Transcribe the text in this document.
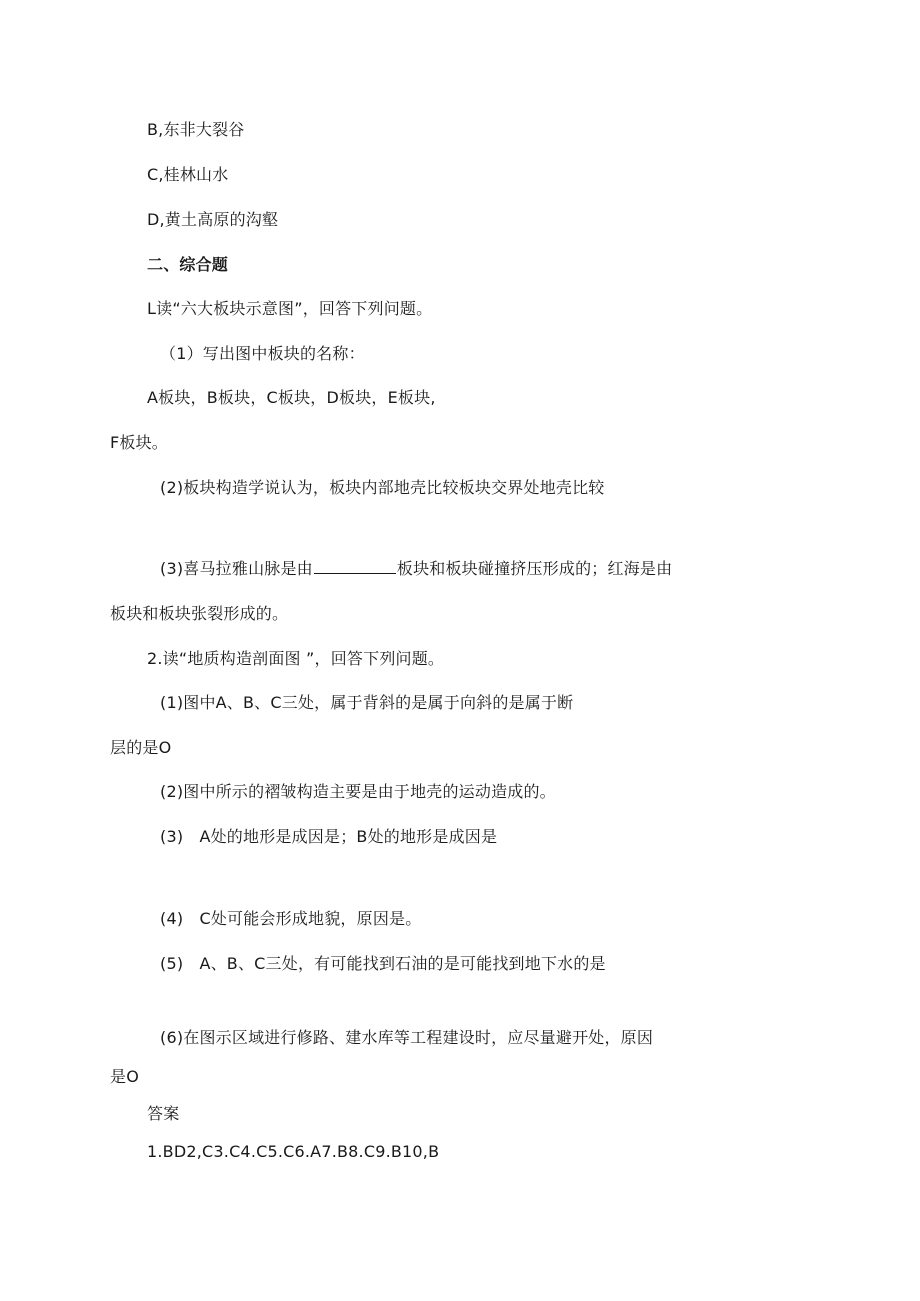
B,东非大裂谷
C,桂林山水
D,黄土高原的沟壑
二、综合题
L读“六大板块示意图”，回答下列问题。
（1）写出图中板块的名称：
A板块，B板块，C板块，D板块，E板块,
F板块。
(2)板块构造学说认为，板块内部地壳比较板块交界处地壳比较
(3)喜马拉雅山脉是由	板块和板块碰撞挤压形成的；红海是由
板块和板块张裂形成的。
2.读“地质构造剖面图 ”，回答下列问题。
(1)图中A、B、C三处，属于背斜的是属于向斜的是属于断
层的是O
(2)图中所示的褶皱构造主要是由于地壳的运动造成的。
(3) A处的地形是成因是；B处的地形是成因是
(4) C处可能会形成地貌，原因是。
(5) A、B、C三处，有可能找到石油的是可能找到地下水的是
(6)在图示区域进行修路、建水库等工程建设时，应尽量避开处，原因
是O
答案
1.BD2,C3.C4.C5.C6.A7.B8.C9.B10,B
